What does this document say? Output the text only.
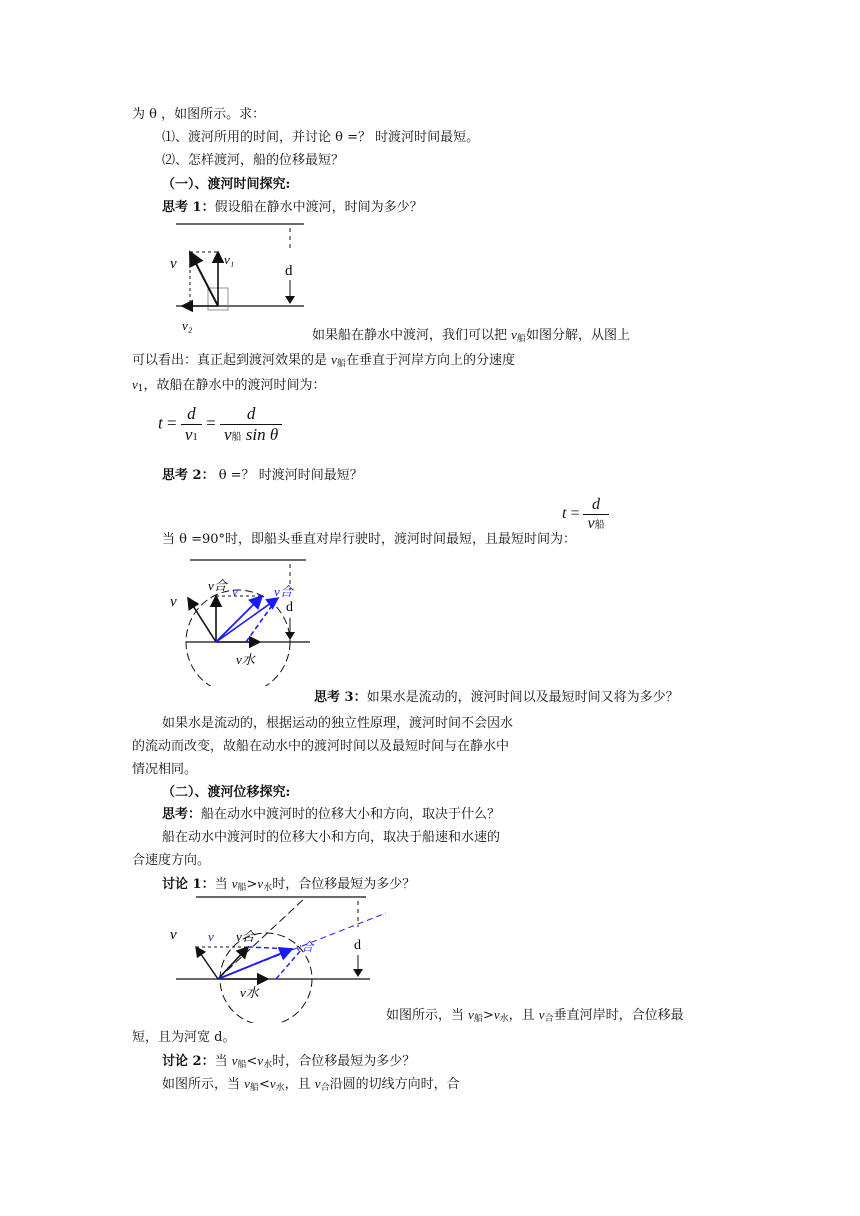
为 θ ，如图所示。求：
⑴、渡河所用的时间，并讨论 θ =？ 时渡河时间最短。
⑵、怎样渡河，船的位移最短？
（一）、渡河时间探究:
思考 1：假设船在静水中渡河，时间为多少？
d
v	v₁
v₂
如果船在静水中渡河，我们可以把 v船如图分解，从图上
可以看出：真正起到渡河效果的是 v船在垂直于河岸方向上的分速度
v1，故船在静水中的渡河时间为：
$t = \frac{d}{v1} = \frac{d}{\text{v船 sin θ}}$
思考 2： θ =？ 时渡河时间最短？
$t = \frac{d}{\text{v船}}$
当 θ =90°时，即船头垂直对岸行驶时，渡河时间最短，且最短时间为：
d
v
v合 v	v合
v水
思考 3：如果水是流动的，渡河时间以及最短时间又将为多少？
如果水是流动的，根据运动的独立性原理，渡河时间不会因水
的流动而改变，故船在动水中的渡河时间以及最短时间与在静水中
情况相同。
（二）、渡河位移探究:
思考：船在动水中渡河时的位移大小和方向，取决于什么？
船在动水中渡河时的位移大小和方向，取决于船速和水速的
合速度方向。
讨论 1：当 v船>v水时，合位移最短为多少？
d
v v v合
v合
v水
如图所示，当 v船>v水，且 v合垂直河岸时，合位移最
短，且为河宽 d。
讨论 2：当 v船<v水时，合位移最短为多少？
如图所示，当 v船<v水，且 v合沿圆的切线方向时，合
